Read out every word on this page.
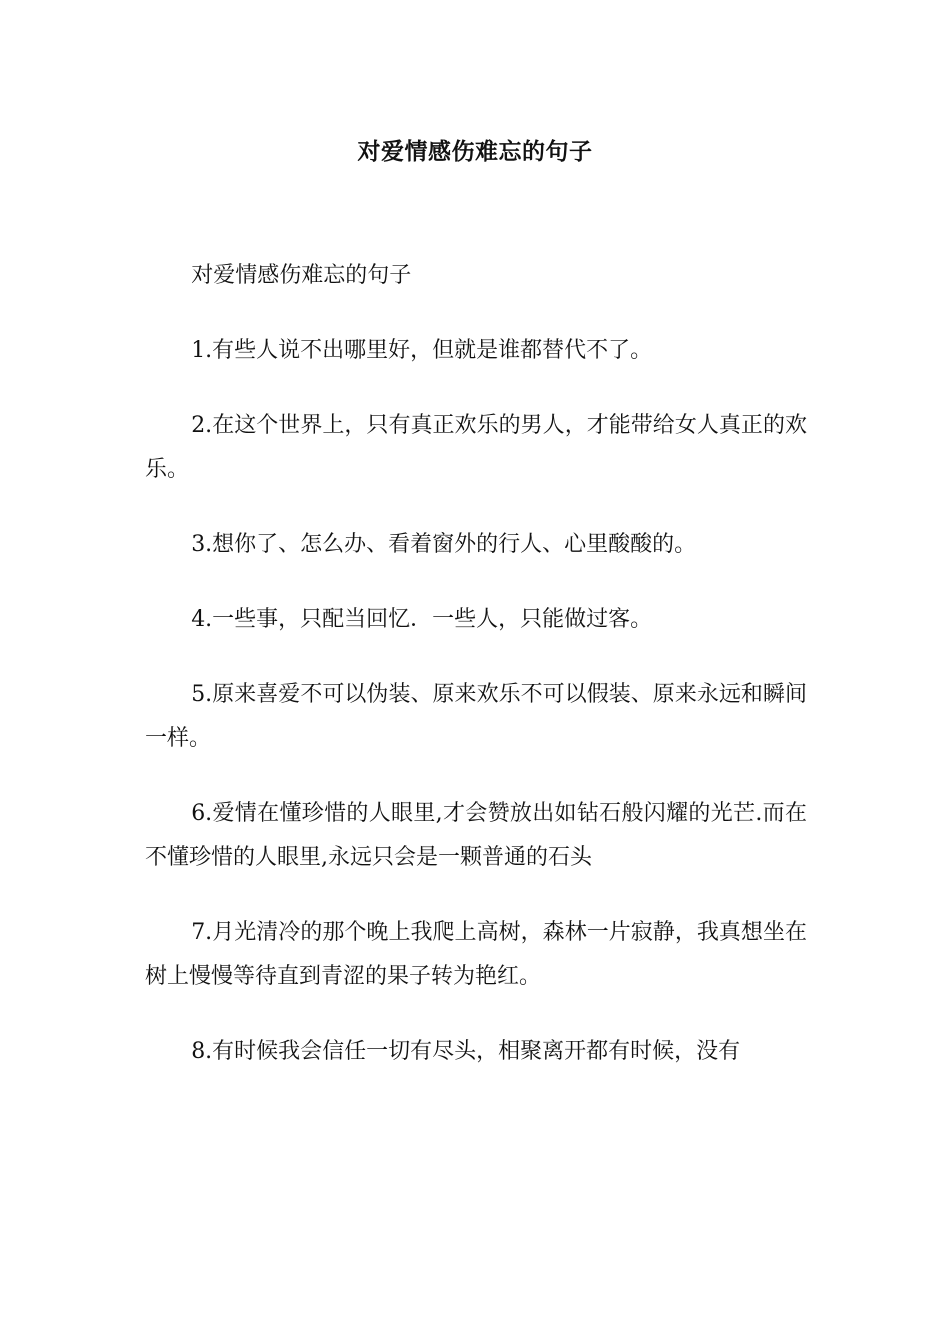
对爱情感伤难忘的句子

对爱情感伤难忘的句子

1.有些人说不出哪里好，但就是谁都替代不了。

2.在这个世界上，只有真正欢乐的男人，才能带给女人真正的欢乐。

3.想你了、怎么办、看着窗外的行人、心里酸酸的。

4.一些事，只配当回忆．一些人，只能做过客。

5.原来喜爱不可以伪装、原来欢乐不可以假装、原来永远和瞬间一样。

6.爱情在懂珍惜的人眼里,才会赞放出如钻石般闪耀的光芒.而在不懂珍惜的人眼里,永远只会是一颗普通的石头

7.月光清冷的那个晚上我爬上高树，森林一片寂静，我真想坐在树上慢慢等待直到青涩的果子转为艳红。

8.有时候我会信任一切有尽头，相聚离开都有时候，没有
